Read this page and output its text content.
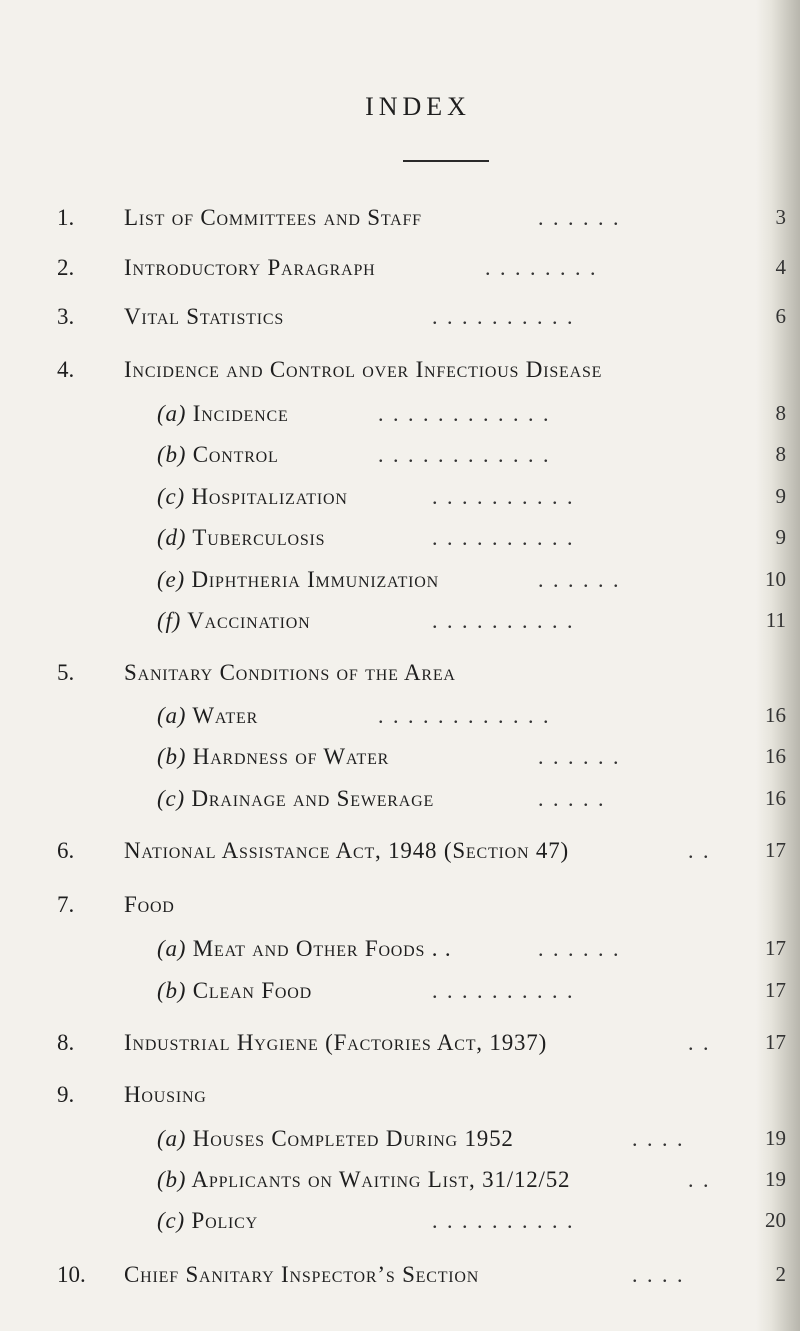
INDEX
1.	List of Committees and Staff	. . . . . .	3
2.	Introductory Paragraph	. . . . . . . .	4
3.	Vital Statistics	. . . . . . . . . .	6
4.	Incidence and Control over Infectious Disease
(a) Incidence	. . . . . . . . . . . .	8
(b) Control	. . . . . . . . . . . .	8
(c) Hospitalization	. . . . . . . . . .	9
(d) Tuberculosis	. . . . . . . . . .	9
(e) Diphtheria Immunization	. . . . . .	10
(f) Vaccination	. . . . . . . . . .	11
5.	Sanitary Conditions of the Area
(a) Water	. . . . . . . . . . . .	16
(b) Hardness of Water	. . . . . .	16
(c) Drainage and Sewerage	. . . . .	16
6.	National Assistance Act, 1948 (Section 47)	. .	17
7.	Food
(a) Meat and Other Foods . .	. . . . . .	17
(b) Clean Food	. . . . . . . . . .	17
8.	Industrial Hygiene (Factories Act, 1937)	. .	17
9.	Housing
(a) Houses Completed During 1952	. . . .	19
(b) Applicants on Waiting List, 31/12/52	. .	19
(c) Policy	. . . . . . . . . .	20
10.	Chief Sanitary Inspector’s Section	. . . .	2
